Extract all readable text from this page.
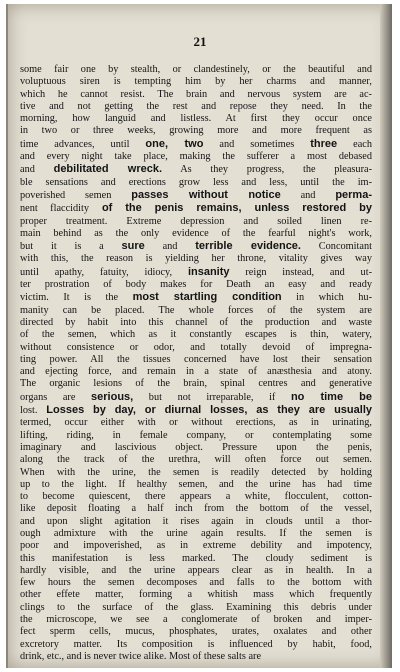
21
some fair one by stealth, or clandestinely, or the beautiful and
voluptuous siren is tempting him by her charms and manner,
which he cannot resist. The brain and nervous system are ac-
tive and not getting the rest and repose they need. In the
morning, how languid and listless. At first they occur once
in two or three weeks, growing more and more frequent as
time advances, until one, two and sometimes three each
and every night take place, making the sufferer a most debased
and debilitated wreck. As they progress, the pleasura-
ble sensations and erections grow less and less, until the im-
poverished semen passes without notice and perma-
nent flaccidity of the penis remains, unless restored by
proper treatment. Extreme depression and soiled linen re-
main behind as the only evidence of the fearful night's work,
but it is a sure and terrible evidence. Concomitant
with this, the reason is yielding her throne, vitality gives way
until apathy, fatuity, idiocy, insanity reign instead, and ut-
ter prostration of body makes for Death an easy and ready
victim. It is the most startling condition in which hu-
manity can be placed. The whole forces of the system are
directed by habit into this channel of the production and waste
of the semen, which as it constantly escapes is thin, watery,
without consistence or odor, and totally devoid of impregna-
ting power. All the tissues concerned have lost their sensation
and ejecting force, and remain in a state of anæsthesia and atony.
The organic lesions of the brain, spinal centres and generative
organs are serious, but not irreparable, if no time be
lost. Losses by day, or diurnal losses, as they are usually
termed, occur either with or without erections, as in urinating,
lifting, riding, in female company, or contemplating some
imaginary and lascivious object. Pressure upon the penis,
along the track of the urethra, will often force out semen.
When with the urine, the semen is readily detected by holding
up to the light. If healthy semen, and the urine has had time
to become quiescent, there appears a white, flocculent, cotton-
like deposit floating a half inch from the bottom of the vessel,
and upon slight agitation it rises again in clouds until a thor-
ough admixture with the urine again results. If the semen is
poor and impoverished, as in extreme debility and impotency,
this manifestation is less marked. The cloudy sediment is
hardly visible, and the urine appears clear as in health. In a
few hours the semen decomposes and falls to the bottom with
other effete matter, forming a whitish mass which frequently
clings to the surface of the glass. Examining this debris under
the microscope, we see a conglomerate of broken and imper-
fect sperm cells, mucus, phosphates, urates, oxalates and other
excretory matter. Its composition is influenced by habit, food,
drink, etc., and is never twice alike. Most of these salts are
